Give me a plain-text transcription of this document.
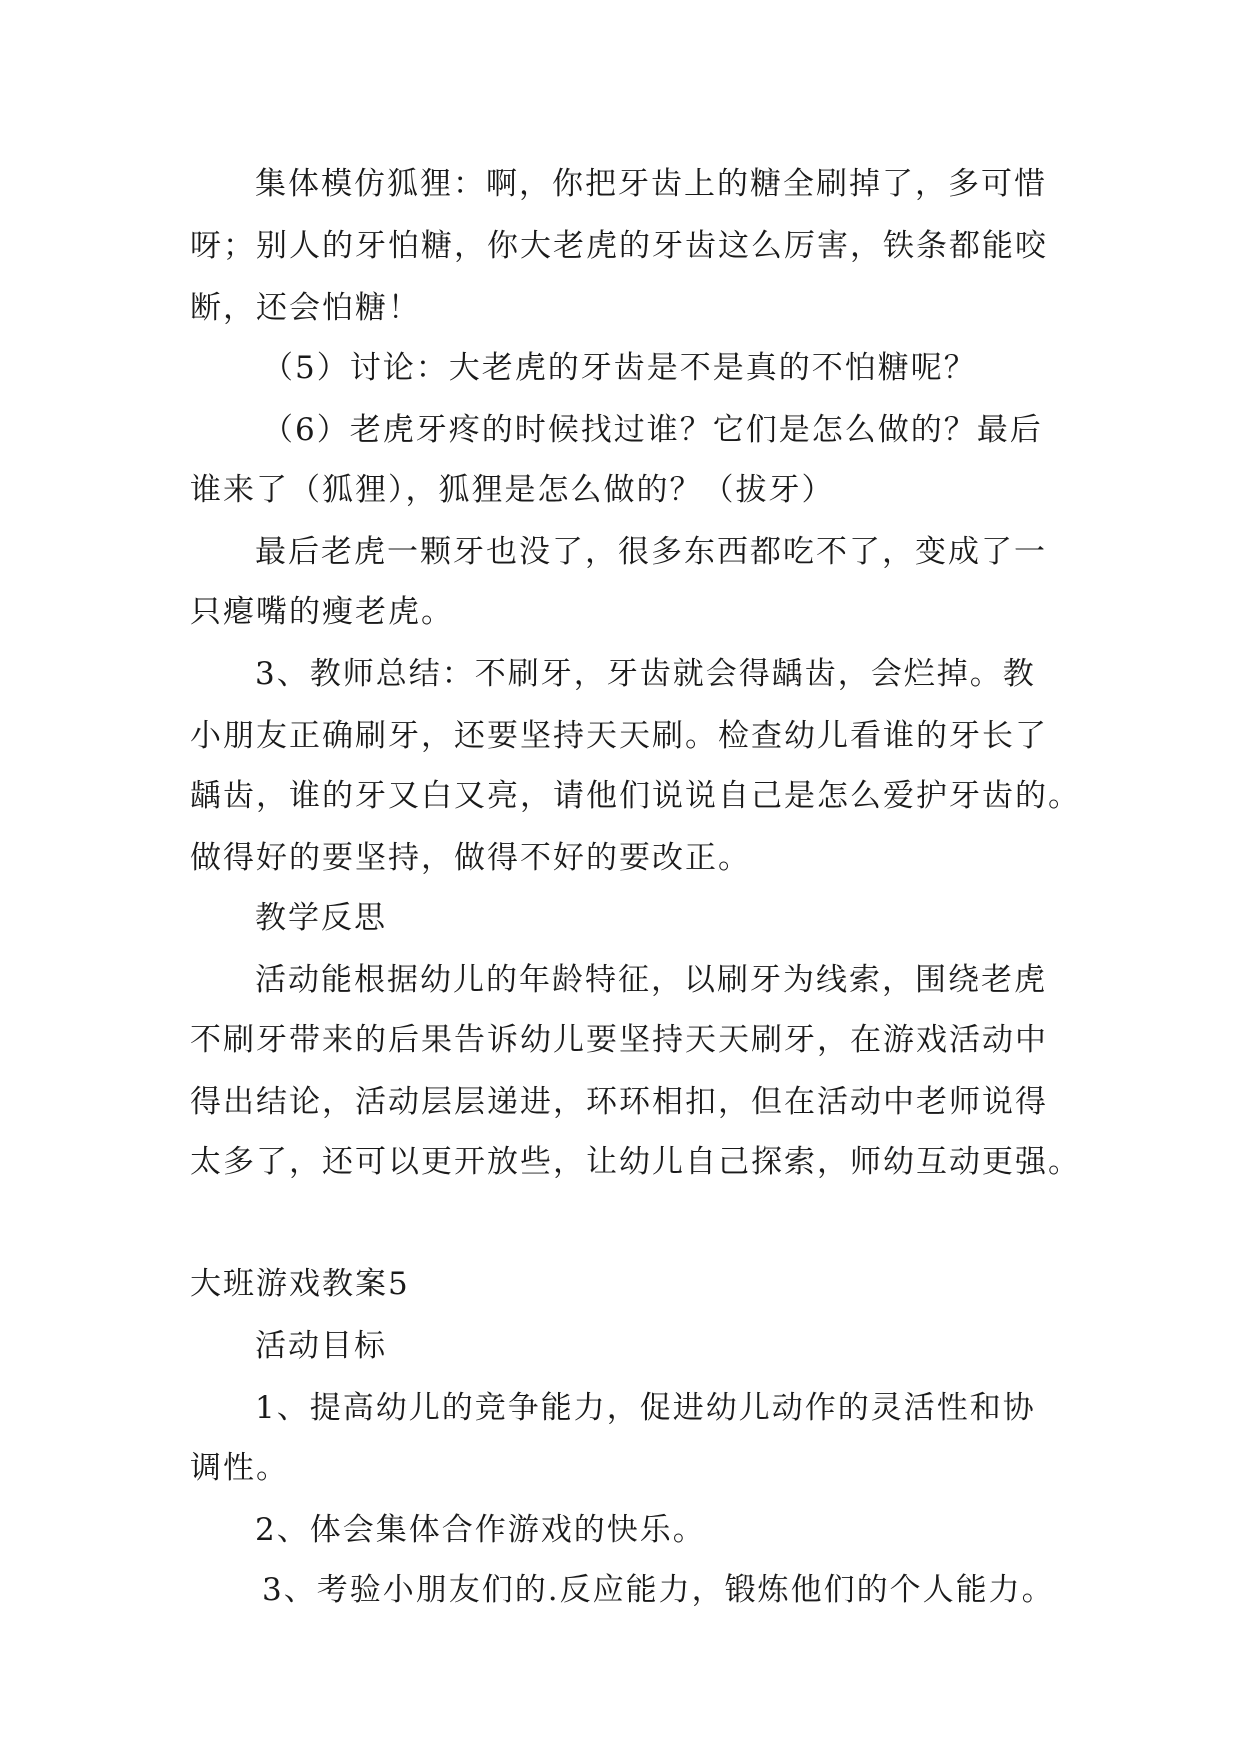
集体模仿狐狸：啊，你把牙齿上的糖全刷掉了，多可惜
呀；别人的牙怕糖，你大老虎的牙齿这么厉害，铁条都能咬
断，还会怕糖！
（5）讨论：大老虎的牙齿是不是真的不怕糖呢？
（6）老虎牙疼的时候找过谁？它们是怎么做的？最后
谁来了（狐狸），狐狸是怎么做的？（拔牙）
最后老虎一颗牙也没了，很多东西都吃不了，变成了一
只瘪嘴的瘦老虎。
3、教师总结：不刷牙，牙齿就会得龋齿，会烂掉。教
小朋友正确刷牙，还要坚持天天刷。检查幼儿看谁的牙长了
龋齿，谁的牙又白又亮，请他们说说自己是怎么爱护牙齿的。
做得好的要坚持，做得不好的要改正。
教学反思
活动能根据幼儿的年龄特征，以刷牙为线索，围绕老虎
不刷牙带来的后果告诉幼儿要坚持天天刷牙，在游戏活动中
得出结论，活动层层递进，环环相扣，但在活动中老师说得
太多了，还可以更开放些，让幼儿自己探索，师幼互动更强。
大班游戏教案5
活动目标
1、提高幼儿的竞争能力，促进幼儿动作的灵活性和协
调性。
2、体会集体合作游戏的快乐。
3、考验小朋友们的.反应能力，锻炼他们的个人能力。
